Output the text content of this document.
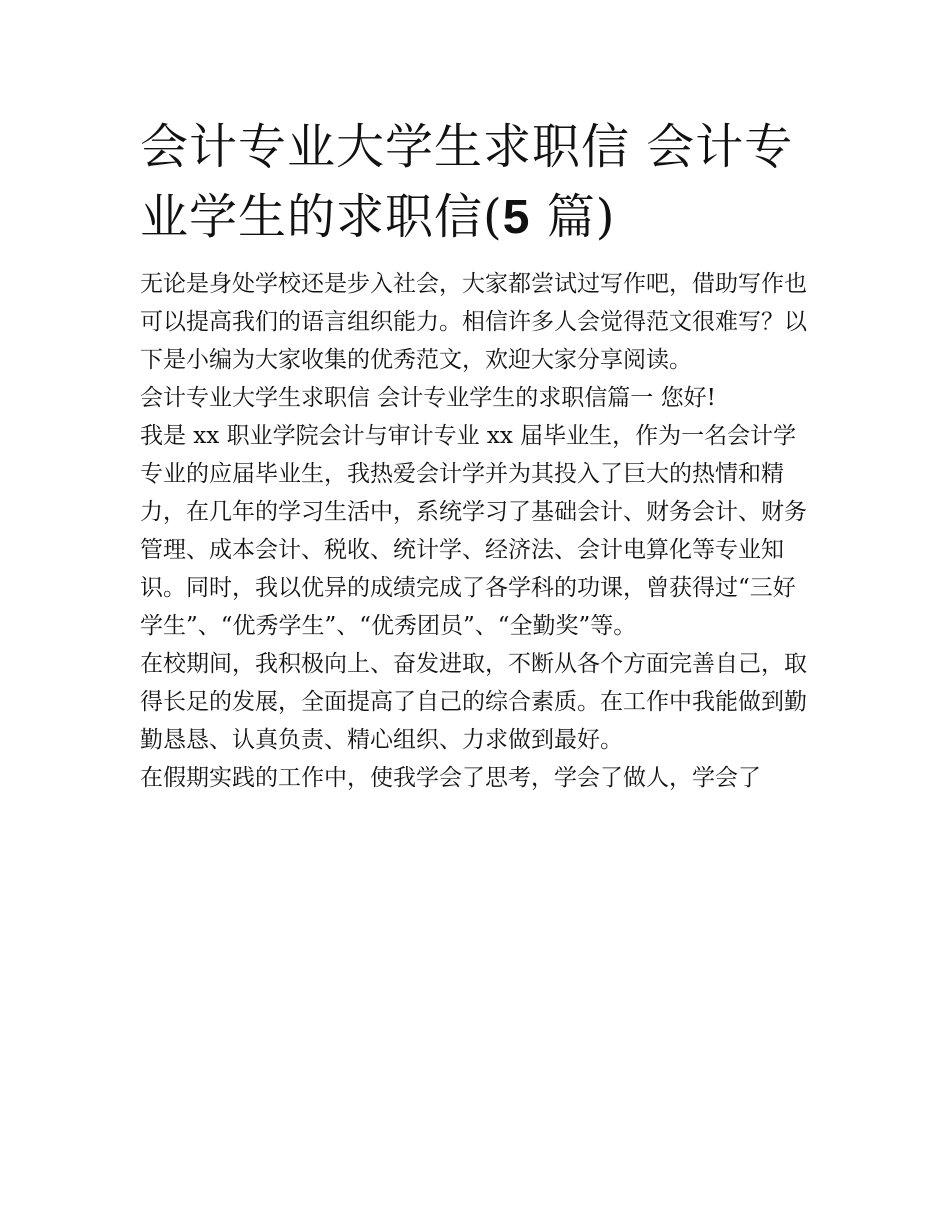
会计专业大学生求职信 会计专业学生的求职信(5 篇)

无论是身处学校还是步入社会，大家都尝试过写作吧，借助写作也可以提高我们的语言组织能力。相信许多人会觉得范文很难写？以下是小编为大家收集的优秀范文，欢迎大家分享阅读。

会计专业大学生求职信 会计专业学生的求职信篇一 您好!

我是 xx 职业学院会计与审计专业 xx 届毕业生，作为一名会计学专业的应届毕业生，我热爱会计学并为其投入了巨大的热情和精力，在几年的学习生活中，系统学习了基础会计、财务会计、财务管理、成本会计、税收、统计学、经济法、会计电算化等专业知识。同时，我以优异的成绩完成了各学科的功课，曾获得过“三好学生”、“优秀学生”、“优秀团员”、“全勤奖”等。

在校期间，我积极向上、奋发进取，不断从各个方面完善自己，取得长足的发展，全面提高了自己的综合素质。在工作中我能做到勤勤恳恳、认真负责、精心组织、力求做到最好。

在假期实践的工作中，使我学会了思考，学会了做人，学会了
